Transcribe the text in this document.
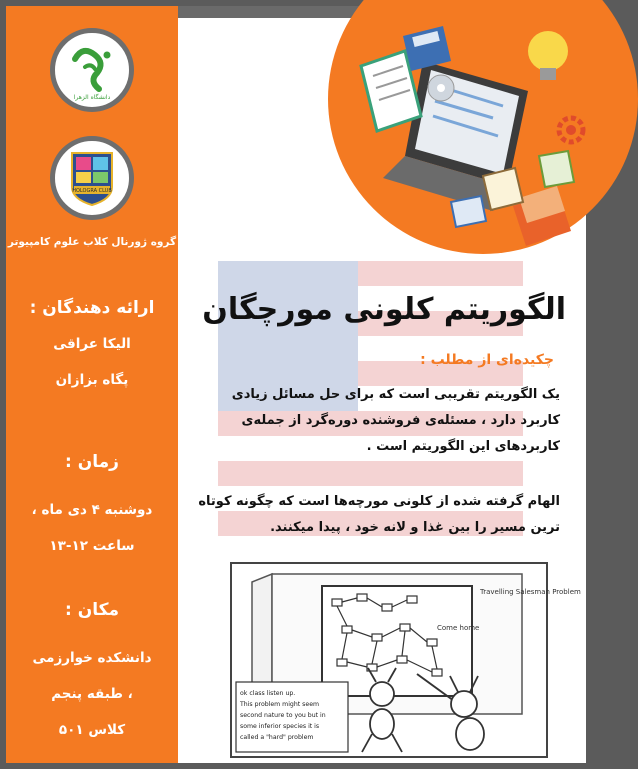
دانشگاه الزهرا
HOLOGRA CLUB
گروه ژورنال کلاب علوم کامپیوتر
ارائه دهندگان :
الیکا عراقی
پگاه بزازان
زمان :
دوشنبه ۴ دی ماه ،
ساعت ۱۲-۱۳
مکان :
دانشکده خوارزمی
، طبقه پنجم
کلاس ۵۰۱
الگوریتم کلونی مورچگان
چکیده‌ای از مطلب :
یک الگوریتم تقریبی است که برای حل مسائل زیادی
کاربرد دارد ، مسئله‌ی فروشنده دوره‌گرد از جمله‌ی
کاربردهای این الگوریتم است .
الهام گرفته شده از کلونی مورچه‌ها است که چگونه کوتاه
ترین مسیر را بین غذا و لانه خود ، پیدا میکنند.
Travelling Salesman Problem
Come home
ok class listen up. This problem might seem second nature to you but in some inferior species it is called a "hard" problem
